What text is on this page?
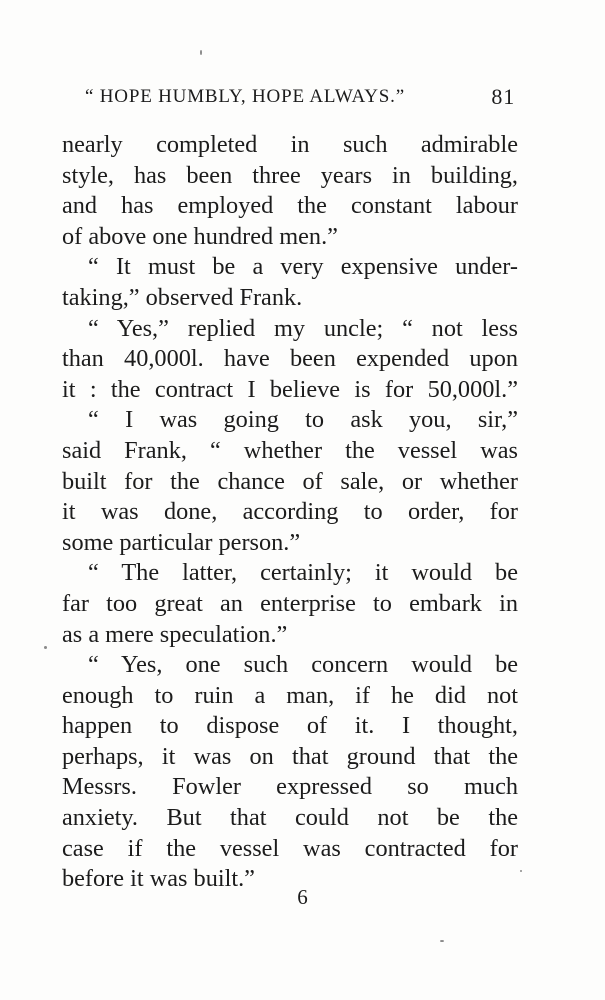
“ HOPE HUMBLY, HOPE ALWAYS.”	81
nearly completed in such admirable
style, has been three years in building,
and has employed the constant labour
of above one hundred men.”
“ It must be a very expensive under-
taking,” observed Frank.
“ Yes,” replied my uncle; “ not less
than 40,000l. have been expended upon
it : the contract I believe is for 50,000l.”
“ I was going to ask you, sir,”
said Frank, “ whether the vessel was
built for the chance of sale, or whether
it was done, according to order, for
some particular person.”
“ The latter, certainly; it would be
far too great an enterprise to embark in
as a mere speculation.”
“ Yes, one such concern would be
enough to ruin a man, if he did not
happen to dispose of it. I thought,
perhaps, it was on that ground that the
Messrs. Fowler expressed so much
anxiety. But that could not be the
case if the vessel was contracted for
before it was built.”
6
